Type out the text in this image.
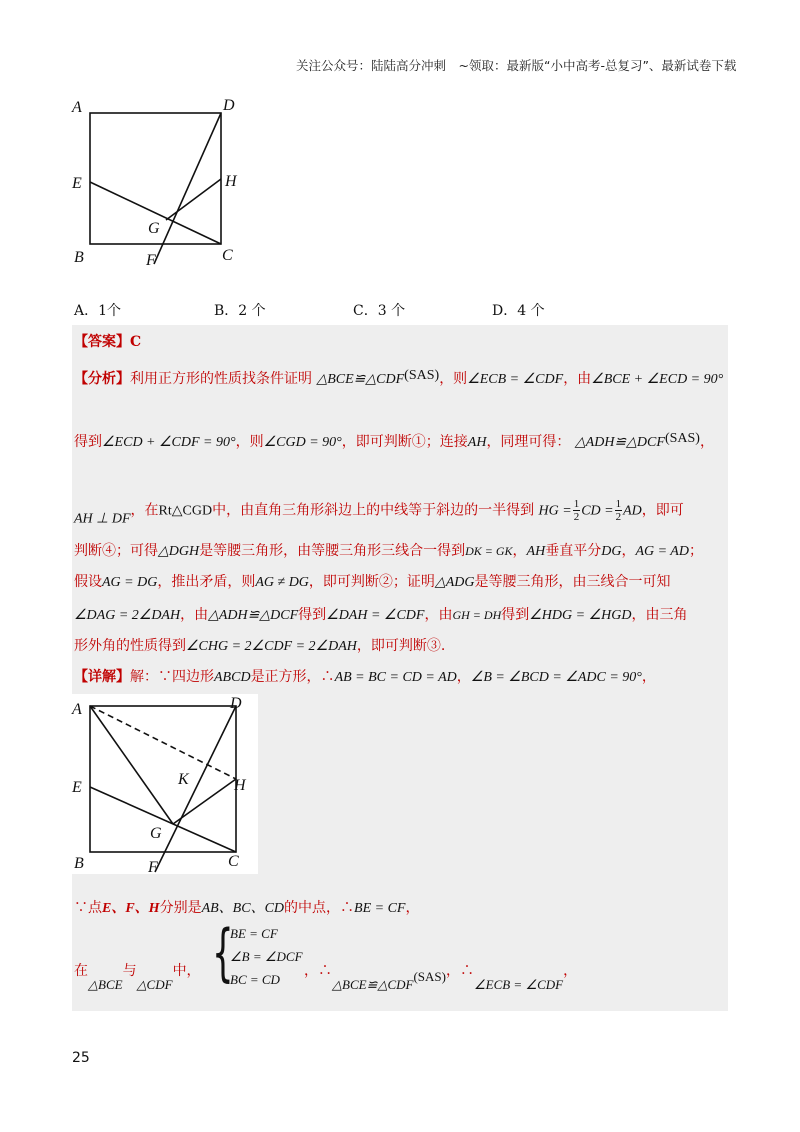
关注公众号：陆陆高分冲刺　~领取：最新版“小中高考-总复习”、最新试卷下载
A	D
E	H
G
B	F	C
A．1个	B．2 个	C．3 个	D．4 个
【答案】C
【分析】利用正方形的性质找条件证明 △BCE≌△CDF(SAS)，则∠ECB = ∠CDF，由∠BCE + ∠ECD = 90°
得到∠ECD + ∠CDF = 90°，则∠CGD = 90°，即可判断①；连接AH，同理可得： △ADH≌△DCF(SAS)，
AH ⊥ DF，在Rt△CGD中，由直角三角形斜边上的中线等于斜边的一半得到 HG = $\frac{1}{2}$ CD = $\frac{1}{2}$ AD，即可
判断④；可得△DGH是等腰三角形，由等腰三角形三线合一得到DK = GK，AH垂直平分DG，AG = AD；
假设AG = DG，推出矛盾，则AG ≠ DG，即可判断②；证明△ADG是等腰三角形，由三线合一可知
∠DAG = 2∠DAH，由△ADH≌△DCF得到∠DAH = ∠CDF，由GH = DH得到∠HDG = ∠HGD，由三角
形外角的性质得到∠CHG = 2∠CDF = 2∠DAH，即可判断③.
【详解】解：∵四边形ABCD是正方形，∴AB = BC = CD = AD，∠B = ∠BCD = ∠ADC = 90°，
A	D
K	H
E
G
B	F	C
∵点E、F、H分别是AB、BC、CD的中点，∴BE = CF，
在△BCE与△CDF中， {
BE = CF
∠B = ∠DCF
BC = CD
，∴△BCE≌△CDF(SAS)，∴∠ECB = ∠CDF，
25
